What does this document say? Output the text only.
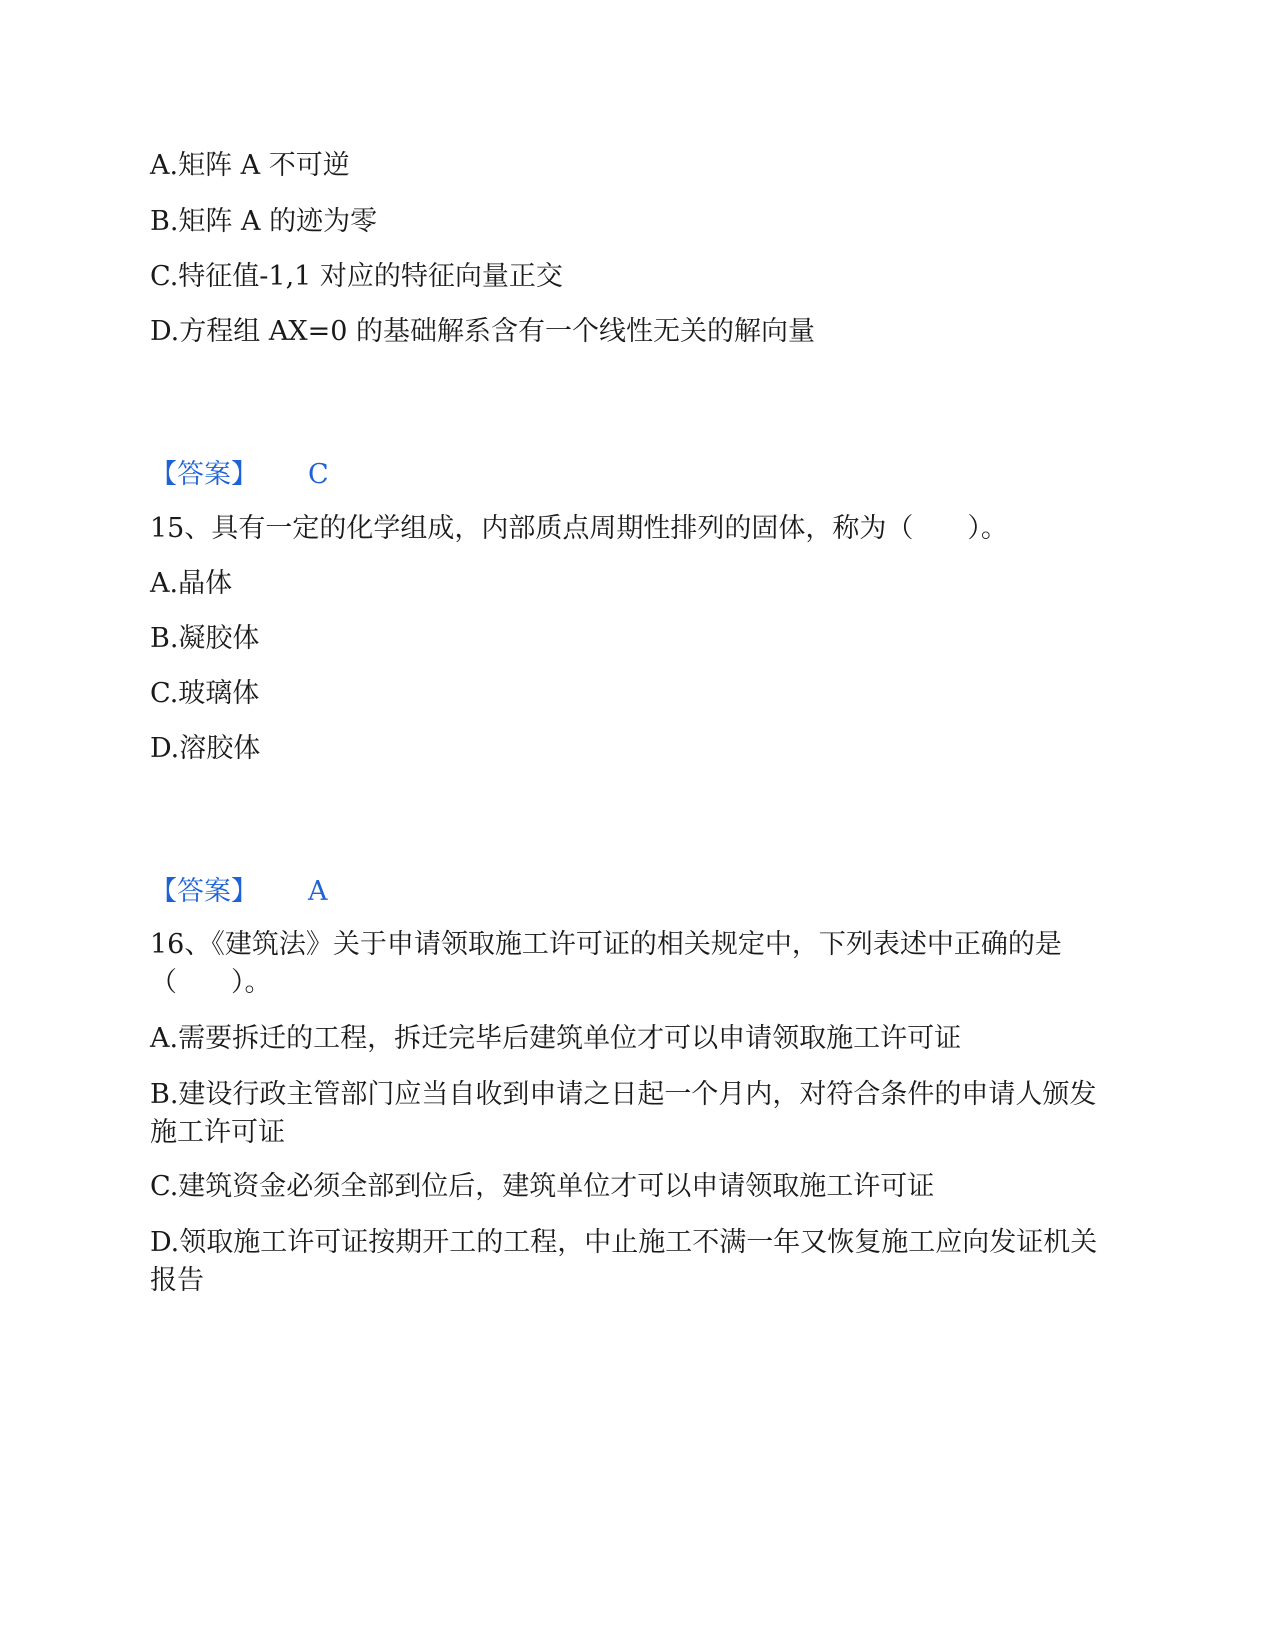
A.矩阵 A 不可逆
B.矩阵 A 的迹为零
C.特征值-1,1 对应的特征向量正交
D.方程组 AX=0 的基础解系含有一个线性无关的解向量
【答案】 C
15、具有一定的化学组成，内部质点周期性排列的固体，称为（　　）。
A.晶体
B.凝胶体
C.玻璃体
D.溶胶体
【答案】 A
16、《建筑法》关于申请领取施工许可证的相关规定中，下列表述中正确的是（　　）。
A.需要拆迁的工程，拆迁完毕后建筑单位才可以申请领取施工许可证
B.建设行政主管部门应当自收到申请之日起一个月内，对符合条件的申请人颁发施工许可证
C.建筑资金必须全部到位后，建筑单位才可以申请领取施工许可证
D.领取施工许可证按期开工的工程，中止施工不满一年又恢复施工应向发证机关报告
